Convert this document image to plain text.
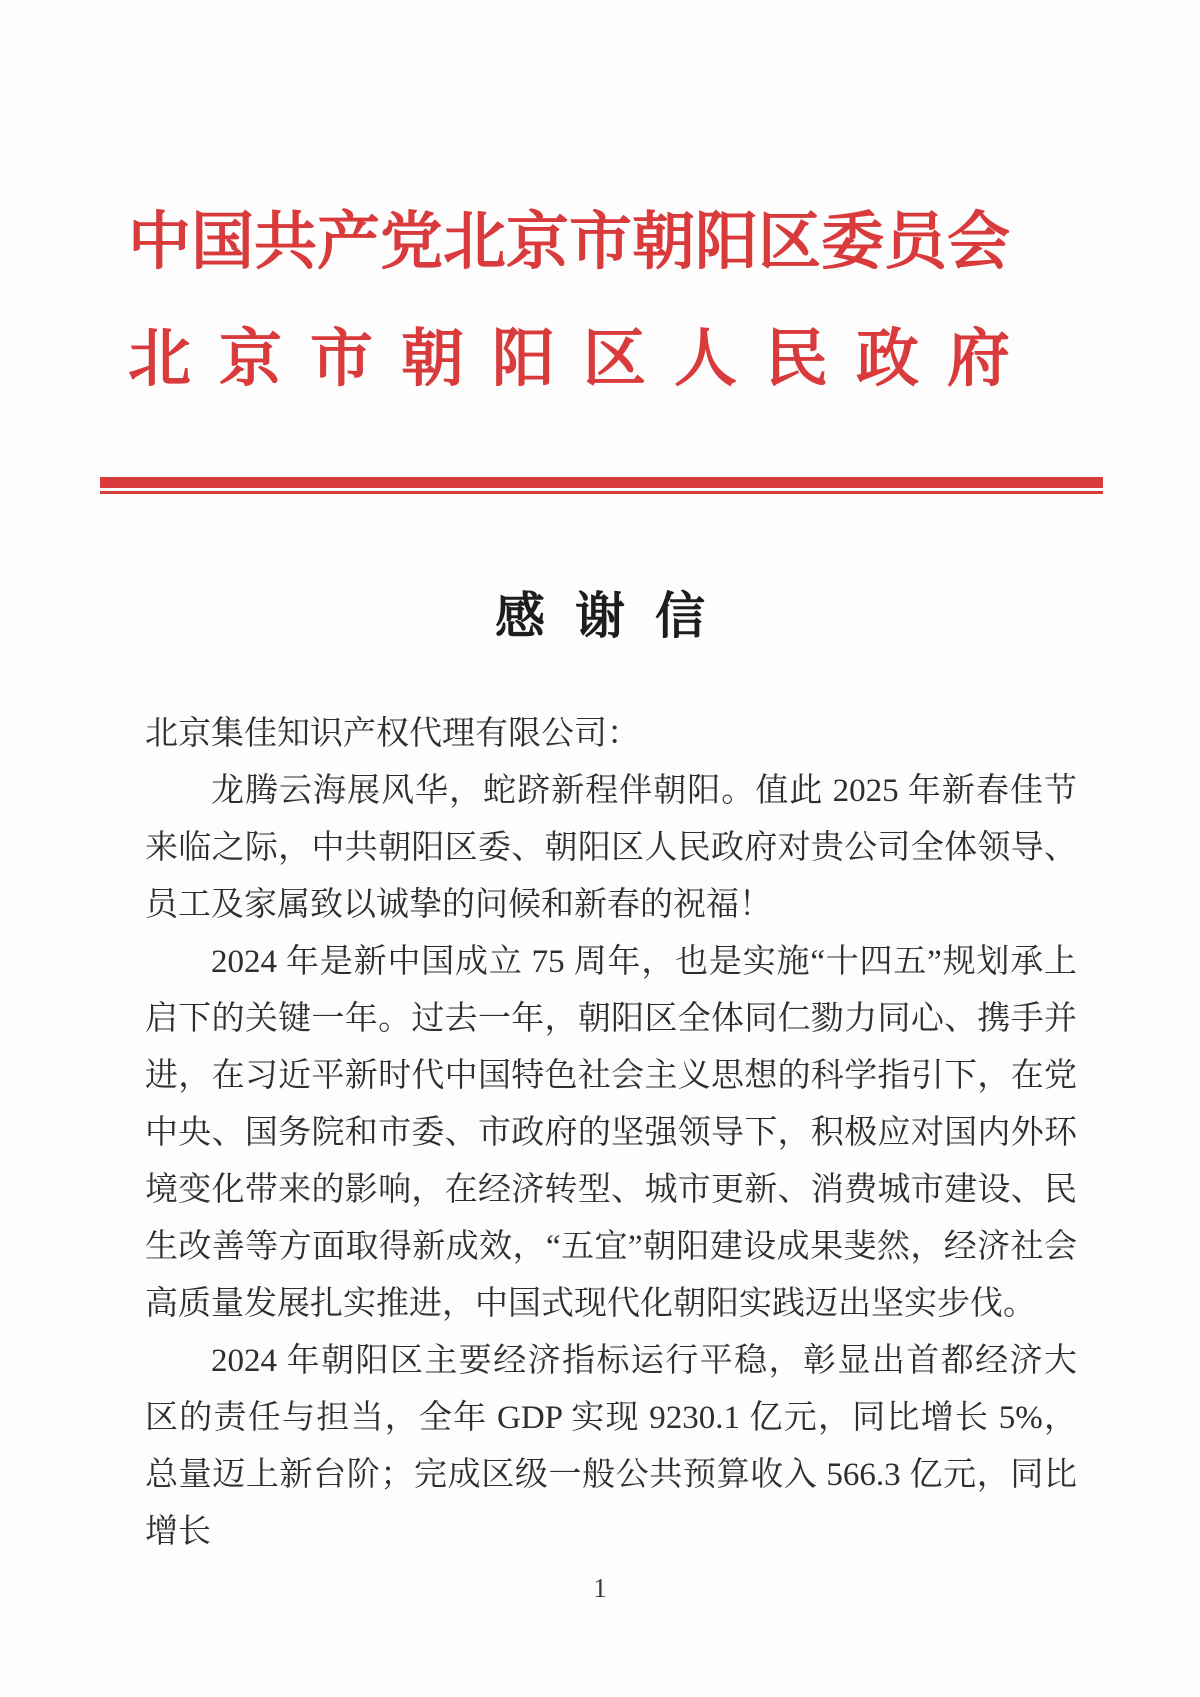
中国共产党北京市朝阳区委员会
北京市朝阳区人民政府
感谢信

北京集佳知识产权代理有限公司：

龙腾云海展风华，蛇跻新程伴朝阳。值此 2025 年新春佳节来临之际，中共朝阳区委、朝阳区人民政府对贵公司全体领导、员工及家属致以诚挚的问候和新春的祝福！

2024 年是新中国成立 75 周年，也是实施“十四五”规划承上启下的关键一年。过去一年，朝阳区全体同仁勠力同心、携手并进，在习近平新时代中国特色社会主义思想的科学指引下，在党中央、国务院和市委、市政府的坚强领导下，积极应对国内外环境变化带来的影响，在经济转型、城市更新、消费城市建设、民生改善等方面取得新成效，“五宜”朝阳建设成果斐然，经济社会高质量发展扎实推进，中国式现代化朝阳实践迈出坚实步伐。

2024 年朝阳区主要经济指标运行平稳，彰显出首都经济大区的责任与担当，全年 GDP 实现 9230.1 亿元，同比增长 5%，总量迈上新台阶；完成区级一般公共预算收入 566.3 亿元，同比增长

1
